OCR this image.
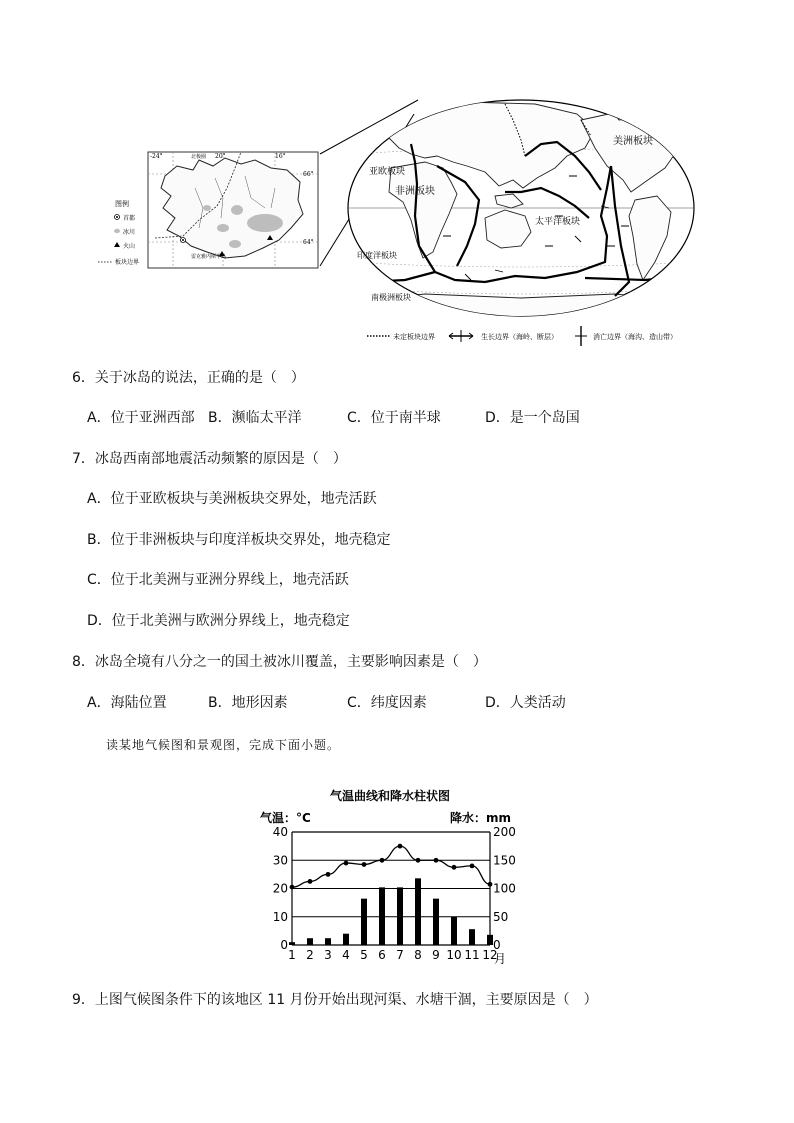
-24°	20°	16°
北极圈
66°
64°
雷克雅内斯半岛
图例
首都
冰川
火山
板块边界
亚欧板块
美洲板块
非洲板块
印度洋板块
太平洋板块
南极洲板块
未定板块边界	生长边界（海岭、断层）	消亡边界（海沟、造山带）
6．关于冰岛的说法，正确的是（　）
A．位于亚洲西部 B．濒临太平洋	C．位于南半球	D．是一个岛国
7．冰岛西南部地震活动频繁的原因是（　）
A．位于亚欧板块与美洲板块交界处，地壳活跃
B．位于非洲板块与印度洋板块交界处，地壳稳定
C．位于北美洲与亚洲分界线上，地壳活跃
D．位于北美洲与欧洲分界线上，地壳稳定
8．冰岛全境有八分之一的国土被冰川覆盖，主要影响因素是（　）
A．海陆位置	B．地形因素	C．纬度因素	D．人类活动
读某地气候图和景观图，完成下面小题。
气温曲线和降水柱状图
气温：°C	降水：mm
0
10
20
30
40
0
50
100
150
200
1 2 3 4 5 6 7 8 9 10 11 12
月
9．上图气候图条件下的该地区 11 月份开始出现河渠、水塘干涸，主要原因是（　）
